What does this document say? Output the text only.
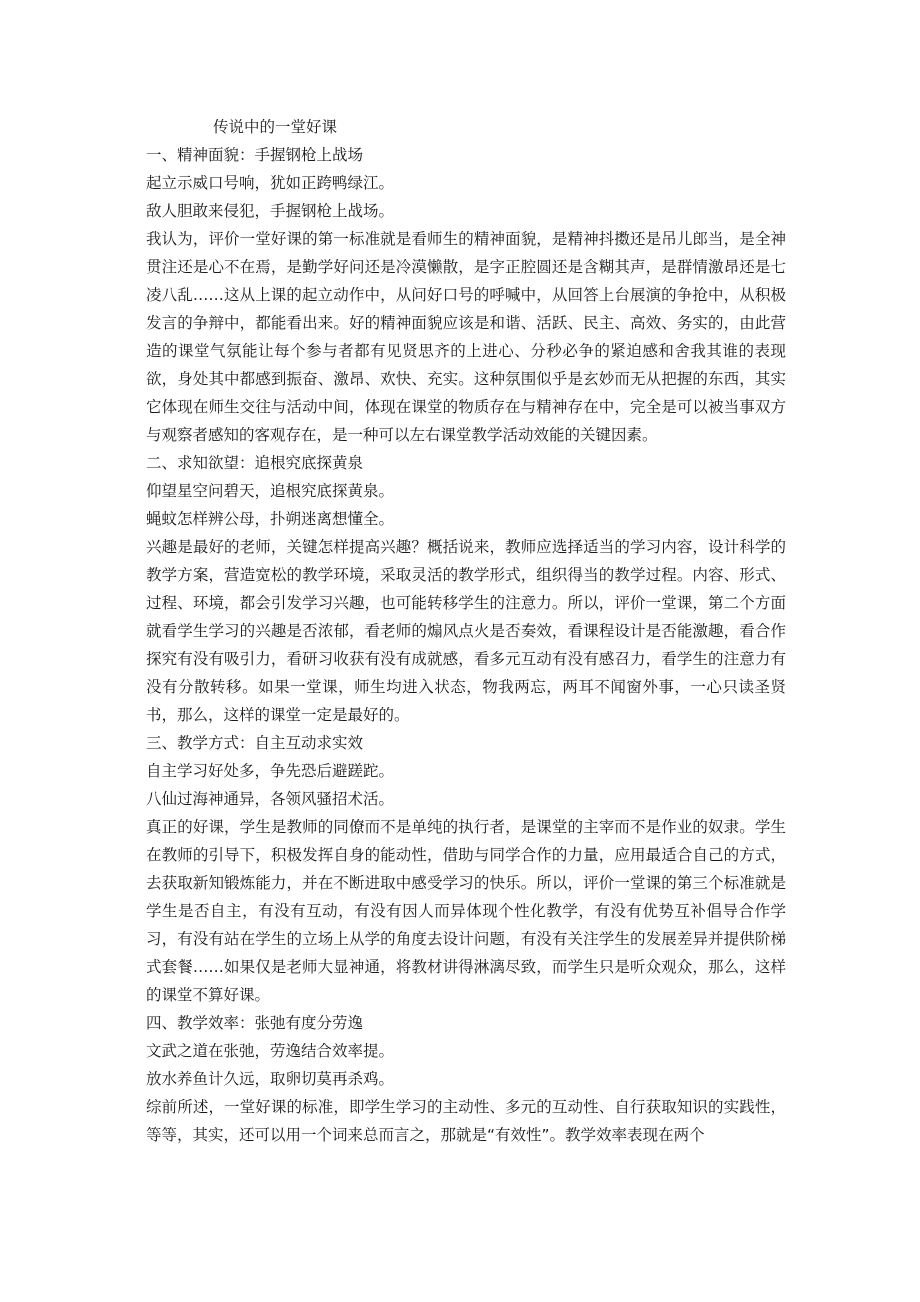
传说中的一堂好课

一、精神面貌：手握钢枪上战场

起立示威口号响，犹如正跨鸭绿江。

敌人胆敢来侵犯，手握钢枪上战场。

我认为，评价一堂好课的第一标准就是看师生的精神面貌，是精神抖擞还是吊儿郎当，是全神贯注还是心不在焉，是勤学好问还是冷漠懒散，是字正腔圆还是含糊其声，是群情激昂还是七凌八乱……这从上课的起立动作中，从问好口号的呼喊中，从回答上台展演的争抢中，从积极发言的争辩中，都能看出来。好的精神面貌应该是和谐、活跃、民主、高效、务实的，由此营造的课堂气氛能让每个参与者都有见贤思齐的上进心、分秒必争的紧迫感和舍我其谁的表现欲，身处其中都感到振奋、激昂、欢快、充实。这种氛围似乎是玄妙而无从把握的东西，其实它体现在师生交往与活动中间，体现在课堂的物质存在与精神存在中，完全是可以被当事双方与观察者感知的客观存在，是一种可以左右课堂教学活动效能的关键因素。

二、求知欲望：追根究底探黄泉

仰望星空问碧天，追根究底探黄泉。

蝇蚊怎样辨公母，扑朔迷离想懂全。

兴趣是最好的老师，关键怎样提高兴趣？概括说来，教师应选择适当的学习内容，设计科学的教学方案，营造宽松的教学环境，采取灵活的教学形式，组织得当的教学过程。内容、形式、过程、环境，都会引发学习兴趣，也可能转移学生的注意力。所以，评价一堂课，第二个方面就看学生学习的兴趣是否浓郁，看老师的煽风点火是否奏效，看课程设计是否能激趣，看合作探究有没有吸引力，看研习收获有没有成就感，看多元互动有没有感召力，看学生的注意力有没有分散转移。如果一堂课，师生均进入状态，物我两忘，两耳不闻窗外事，一心只读圣贤书，那么，这样的课堂一定是最好的。

三、教学方式：自主互动求实效

自主学习好处多，争先恐后避蹉跎。

八仙过海神通异，各领风骚招术活。

真正的好课，学生是教师的同僚而不是单纯的执行者，是课堂的主宰而不是作业的奴隶。学生在教师的引导下，积极发挥自身的能动性，借助与同学合作的力量，应用最适合自己的方式，去获取新知锻炼能力，并在不断进取中感受学习的快乐。所以，评价一堂课的第三个标准就是学生是否自主，有没有互动，有没有因人而异体现个性化教学，有没有优势互补倡导合作学习，有没有站在学生的立场上从学的角度去设计问题，有没有关注学生的发展差异并提供阶梯式套餐……如果仅是老师大显神通，将教材讲得淋漓尽致，而学生只是听众观众，那么，这样的课堂不算好课。

四、教学效率：张弛有度分劳逸

文武之道在张弛，劳逸结合效率提。

放水养鱼计久远，取卵切莫再杀鸡。

综前所述，一堂好课的标准，即学生学习的主动性、多元的互动性、自行获取知识的实践性，等等，其实，还可以用一个词来总而言之，那就是“有效性”。教学效率表现在两个
